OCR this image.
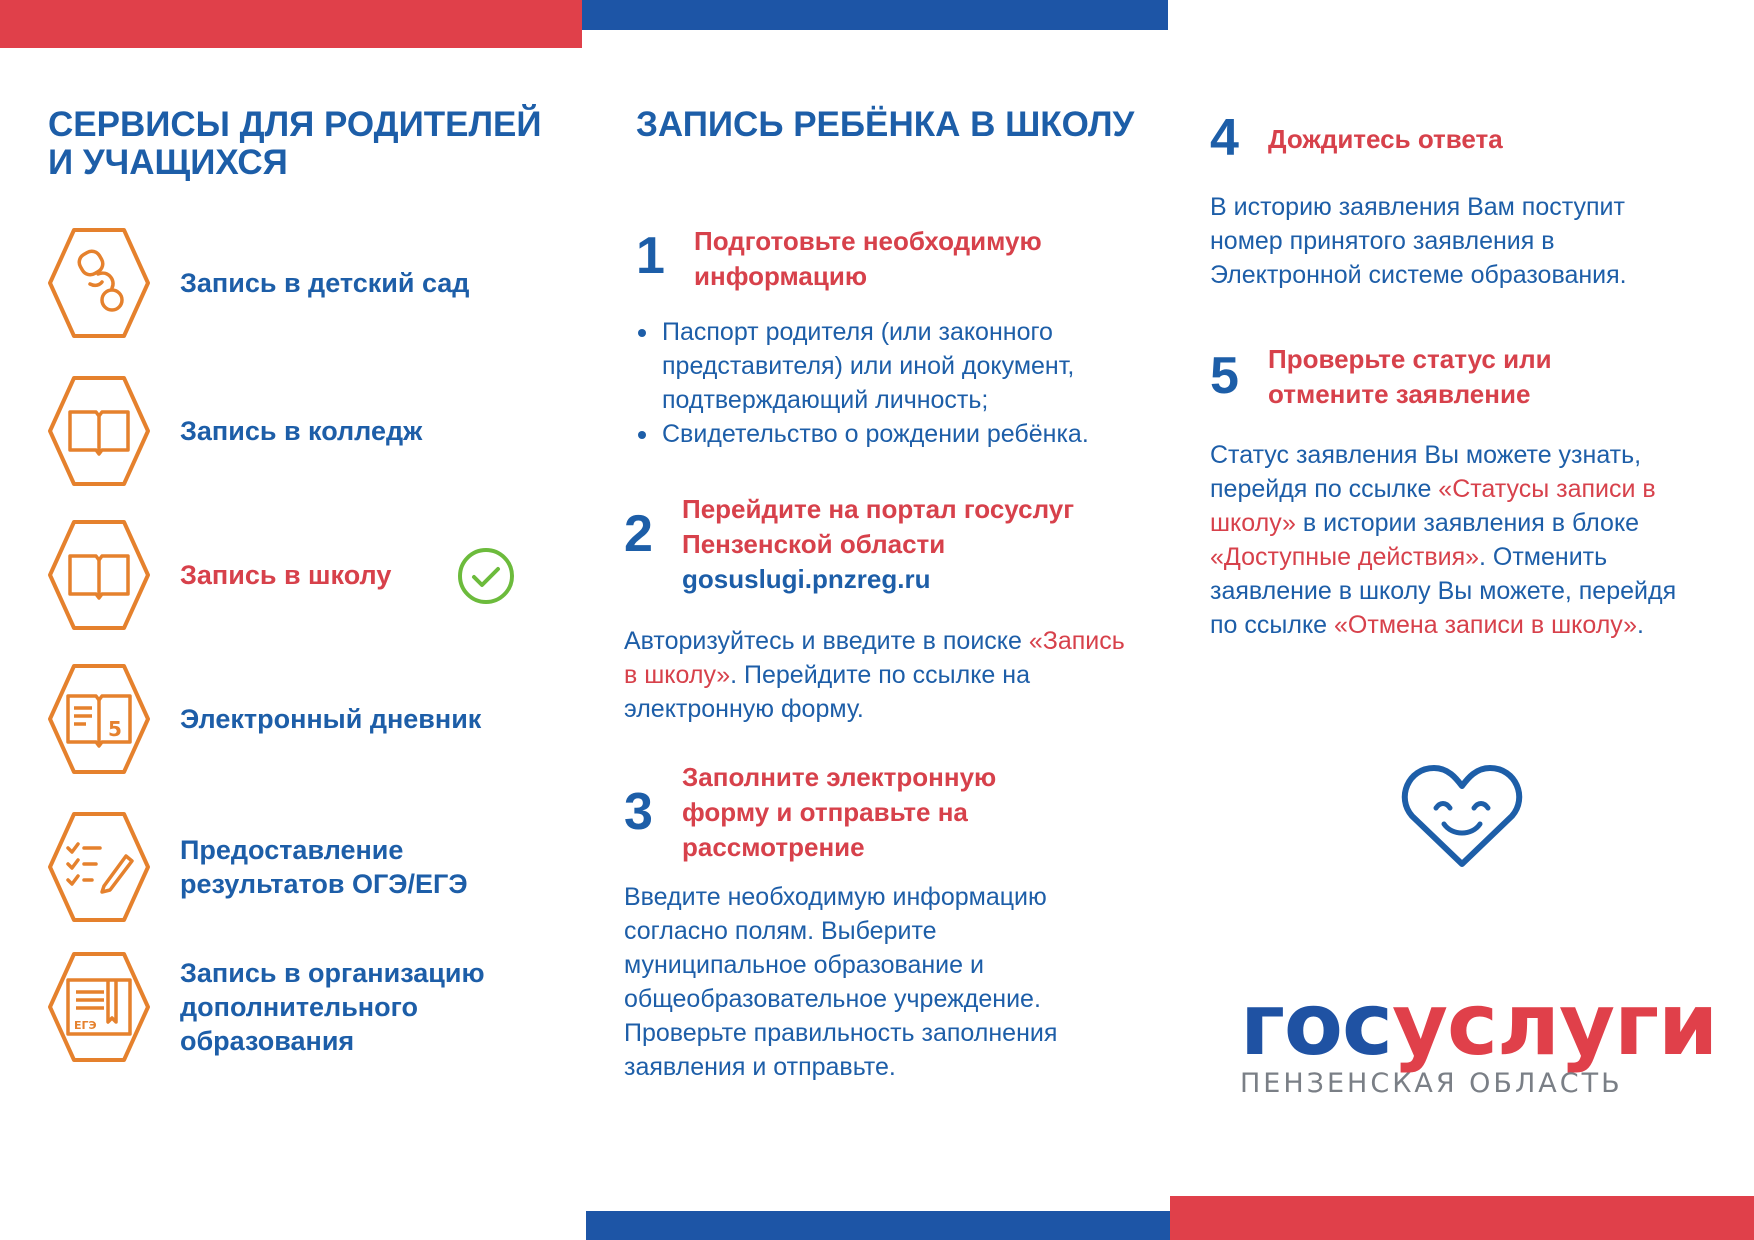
СЕРВИСЫ ДЛЯ РОДИТЕЛЕЙ И УЧАЩИХСЯ
Запись в детский сад
Запись в колледж
Запись в школу
5 Электронный дневник
Предоставление результатов ОГЭ/ЕГЭ
ЕГЭ
Запись в организацию дополнительного образования
ЗАПИСЬ РЕБЁНКА В ШКОЛУ
1 Подготовьте необходимую информацию
Паспорт родителя (или законного представителя) или иной документ, подтверждающий личность;
Свидетельство о рождении ребёнка.
2 Перейдите на портал госуслуг Пензенской области
gosuslugi.pnzreg.ru
Авторизуйтесь и введите в поиске «Запись в школу». Перейдите по ссылке на электронную форму.
3
Заполните электронную форму и отправьте на рассмотрение
Введите необходимую информацию согласно полям. Выберите муниципальное образование и общеобразовательное учреждение. Проверьте правильность заполнения заявления и отправьте.
4 Дождитесь ответа
В историю заявления Вам поступит номер принятого заявления в Электронной системе образования.
5 Проверьте статус или отмените заявление
Статус заявления Вы можете узнать, перейдя по ссылке «Статусы записи в школу» в истории заявления в блоке «Доступные действия». Отменить заявление в школу Вы можете, перейдя по ссылке «Отмена записи в школу».
госуслуги
ПЕНЗЕНСКАЯ ОБЛАСТЬ
